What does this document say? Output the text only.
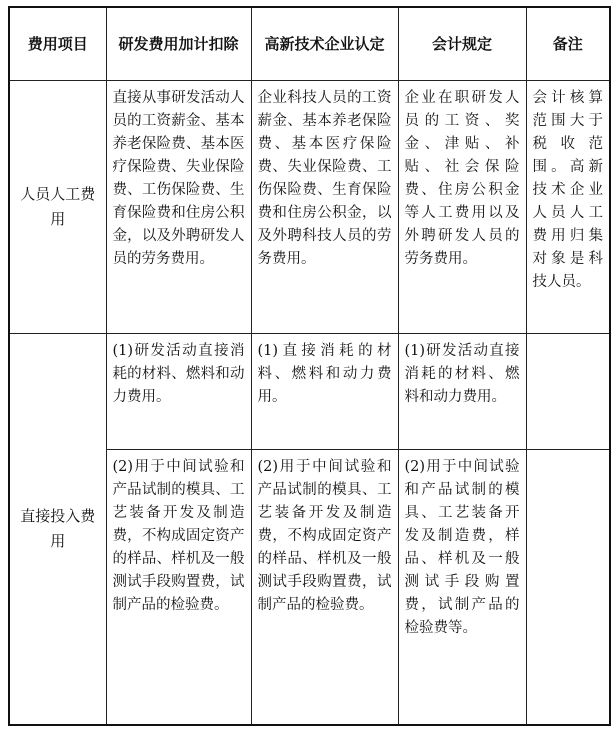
费用项目	研发费用加计扣除	高新技术企业认定	会计规定	备注
人员人工费用	直接从事研发活动人员的工资薪金、基本养老保险费、基本医疗保险费、失业保险费、工伤保险费、生育保险费和住房公积金，以及外聘研发人员的劳务费用。	企业科技人员的工资薪金、基本养老保险费、基本医疗保险费、失业保险费、工伤保险费、生育保险费和住房公积金，以及外聘科技人员的劳务费用。	企业在职研发人员的工资、奖金、津贴、补贴、社会保险费、住房公积金等人工费用以及外聘研发人员的劳务费用。	会计核算范围大于税收范围。高新技术企业人员人工费用归集对象是科技人员。
直接投入费用	(1)研发活动直接消耗的材料、燃料和动力费用。	(1)直接消耗的材料、燃料和动力费用。	(1)研发活动直接消耗的材料、燃料和动力费用。	
	(2)用于中间试验和产品试制的模具、工艺装备开发及制造费，不构成固定资产的样品、样机及一般测试手段购置费，试制产品的检验费。	(2)用于中间试验和产品试制的模具、工艺装备开发及制造费，不构成固定资产的样品、样机及一般测试手段购置费，试制产品的检验费。	(2)用于中间试验和产品试制的模具、工艺装备开发及制造费，样品、样机及一般测试手段购置费，试制产品的检验费等。	
